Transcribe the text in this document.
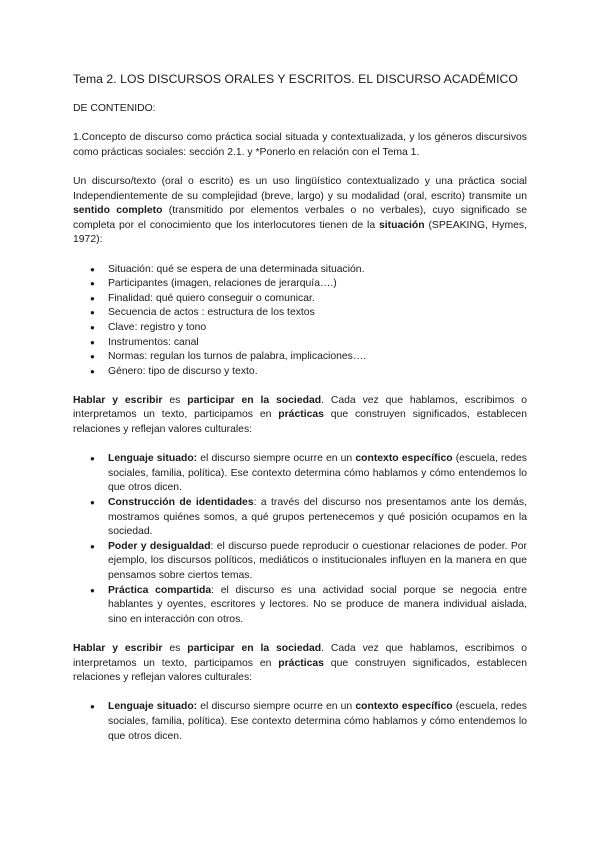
Tema 2. LOS DISCURSOS ORALES Y ESCRITOS. EL DISCURSO ACADÉMICO

DE CONTENIDO:

1.Concepto de discurso como práctica social situada y contextualizada, y los géneros discursivos como prácticas sociales: sección 2.1. y *Ponerlo en relación con el Tema 1.

Un discurso/texto (oral o escrito) es un uso lingüístico contextualizado y una práctica social Independientemente de su complejidad (breve, largo) y su modalidad (oral, escrito) transmite un sentido completo (transmitido por elementos verbales o no verbales), cuyo significado se completa por el conocimiento que los interlocutores tienen de la situación (SPEAKING, Hymes, 1972):

● Situación: qué se espera de una determinada situación.
● Participantes (imagen, relaciones de jerarquía….)
● Finalidad: qué quiero conseguir o comunicar.
● Secuencia de actos : estructura de los textos
● Clave: registro y tono
● Instrumentos: canal
● Normas: regulan los turnos de palabra, implicaciones….
● Género: tipo de discurso y texto.

Hablar y escribir es participar en la sociedad. Cada vez que hablamos, escribimos o interpretamos un texto, participamos en prácticas que construyen significados, establecen relaciones y reflejan valores culturales:

● Lenguaje situado: el discurso siempre ocurre en un contexto específico (escuela, redes sociales, familia, política). Ese contexto determina cómo hablamos y cómo entendemos lo que otros dicen.
● Construcción de identidades: a través del discurso nos presentamos ante los demás, mostramos quiénes somos, a qué grupos pertenecemos y qué posición ocupamos en la sociedad.
● Poder y desigualdad: el discurso puede reproducir o cuestionar relaciones de poder. Por ejemplo, los discursos políticos, mediáticos o institucionales influyen en la manera en que pensamos sobre ciertos temas.
● Práctica compartida: el discurso es una actividad social porque se negocia entre hablantes y oyentes, escritores y lectores. No se produce de manera individual aislada, sino en interacción con otros.

Hablar y escribir es participar en la sociedad. Cada vez que hablamos, escribimos o interpretamos un texto, participamos en prácticas que construyen significados, establecen relaciones y reflejan valores culturales:

● Lenguaje situado: el discurso siempre ocurre en un contexto específico (escuela, redes sociales, familia, política). Ese contexto determina cómo hablamos y cómo entendemos lo que otros dicen.
